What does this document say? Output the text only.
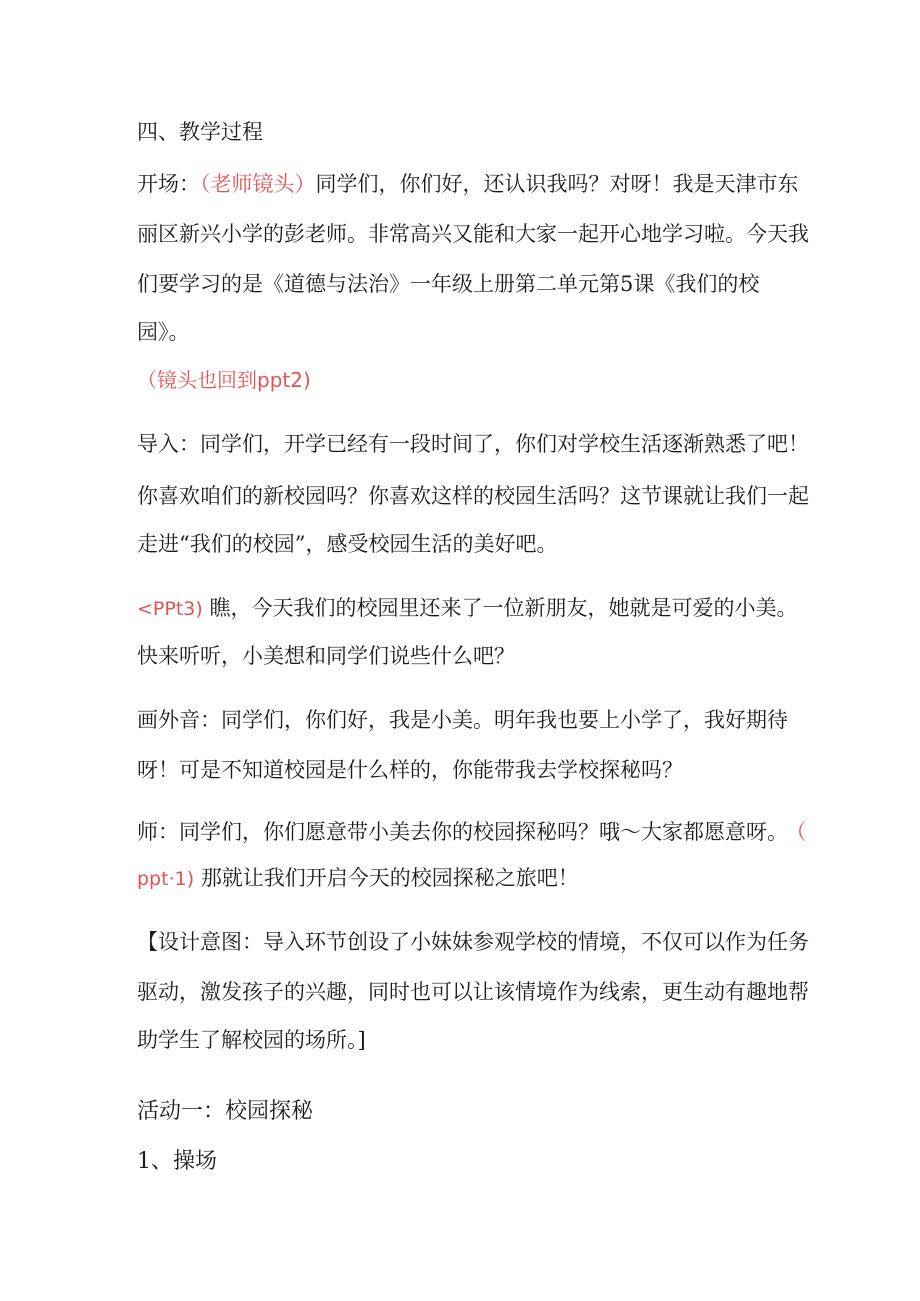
四、教学过程
开场：（老师镜头）同学们，你们好，还认识我吗？对呀！我是天津市东
丽区新兴小学的彭老师。非常高兴又能和大家一起开心地学习啦。今天我
们要学习的是《道德与法治》一年级上册第二单元第5课《我们的校
园》。
（镜头也回到ppt2)
导入：同学们，开学已经有一段时间了，你们对学校生活逐渐熟悉了吧！
你喜欢咱们的新校园吗？你喜欢这样的校园生活吗？这节课就让我们一起
走进“我们的校园”，感受校园生活的美好吧。
<PPt3) 瞧，今天我们的校园里还来了一位新朋友，她就是可爱的小美。
快来听听，小美想和同学们说些什么吧？
画外音：同学们，你们好，我是小美。明年我也要上小学了，我好期待
呀！可是不知道校园是什么样的，你能带我去学校探秘吗？
师：同学们，你们愿意带小美去你的校园探秘吗？哦～大家都愿意呀。 （
ppt·1) 那就让我们开启今天的校园探秘之旅吧！
【设计意图：导入环节创设了小妹妹参观学校的情境，不仅可以作为任务
驱动，激发孩子的兴趣，同时也可以让该情境作为线索，更生动有趣地帮
助学生了解校园的场所。]
活动一：校园探秘
1、操场
